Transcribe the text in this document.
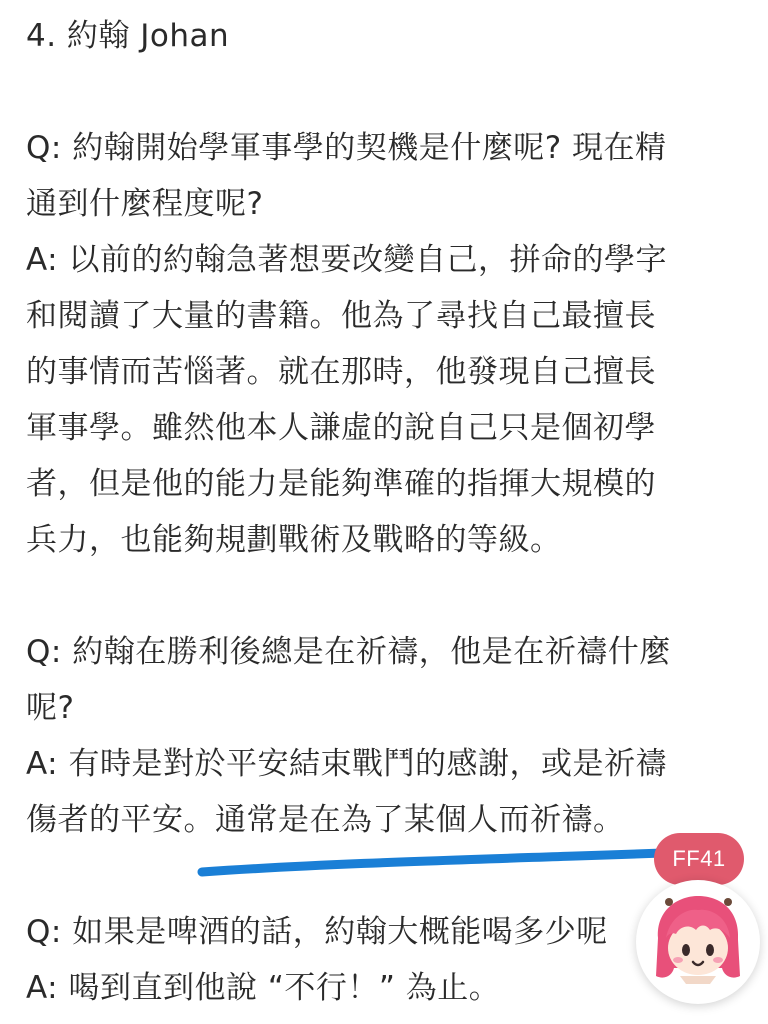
4. 約翰 Johan
Q: 約翰開始學軍事學的契機是什麼呢? 現在精
通到什麼程度呢?
A: 以前的約翰急著想要改變自己，拼命的學字
和閱讀了大量的書籍。他為了尋找自己最擅長
的事情而苦惱著。就在那時，他發現自己擅長
軍事學。雖然他本人謙虛的說自己只是個初學
者，但是他的能力是能夠準確的指揮大規模的
兵力，也能夠規劃戰術及戰略的等級。
Q: 約翰在勝利後總是在祈禱，他是在祈禱什麼
呢?
A: 有時是對於平安結束戰鬥的感謝，或是祈禱
傷者的平安。通常是在為了某個人而祈禱。
Q: 如果是啤酒的話，約翰大概能喝多少呢
A: 喝到直到他說 “不行！” 為止。
FF41
